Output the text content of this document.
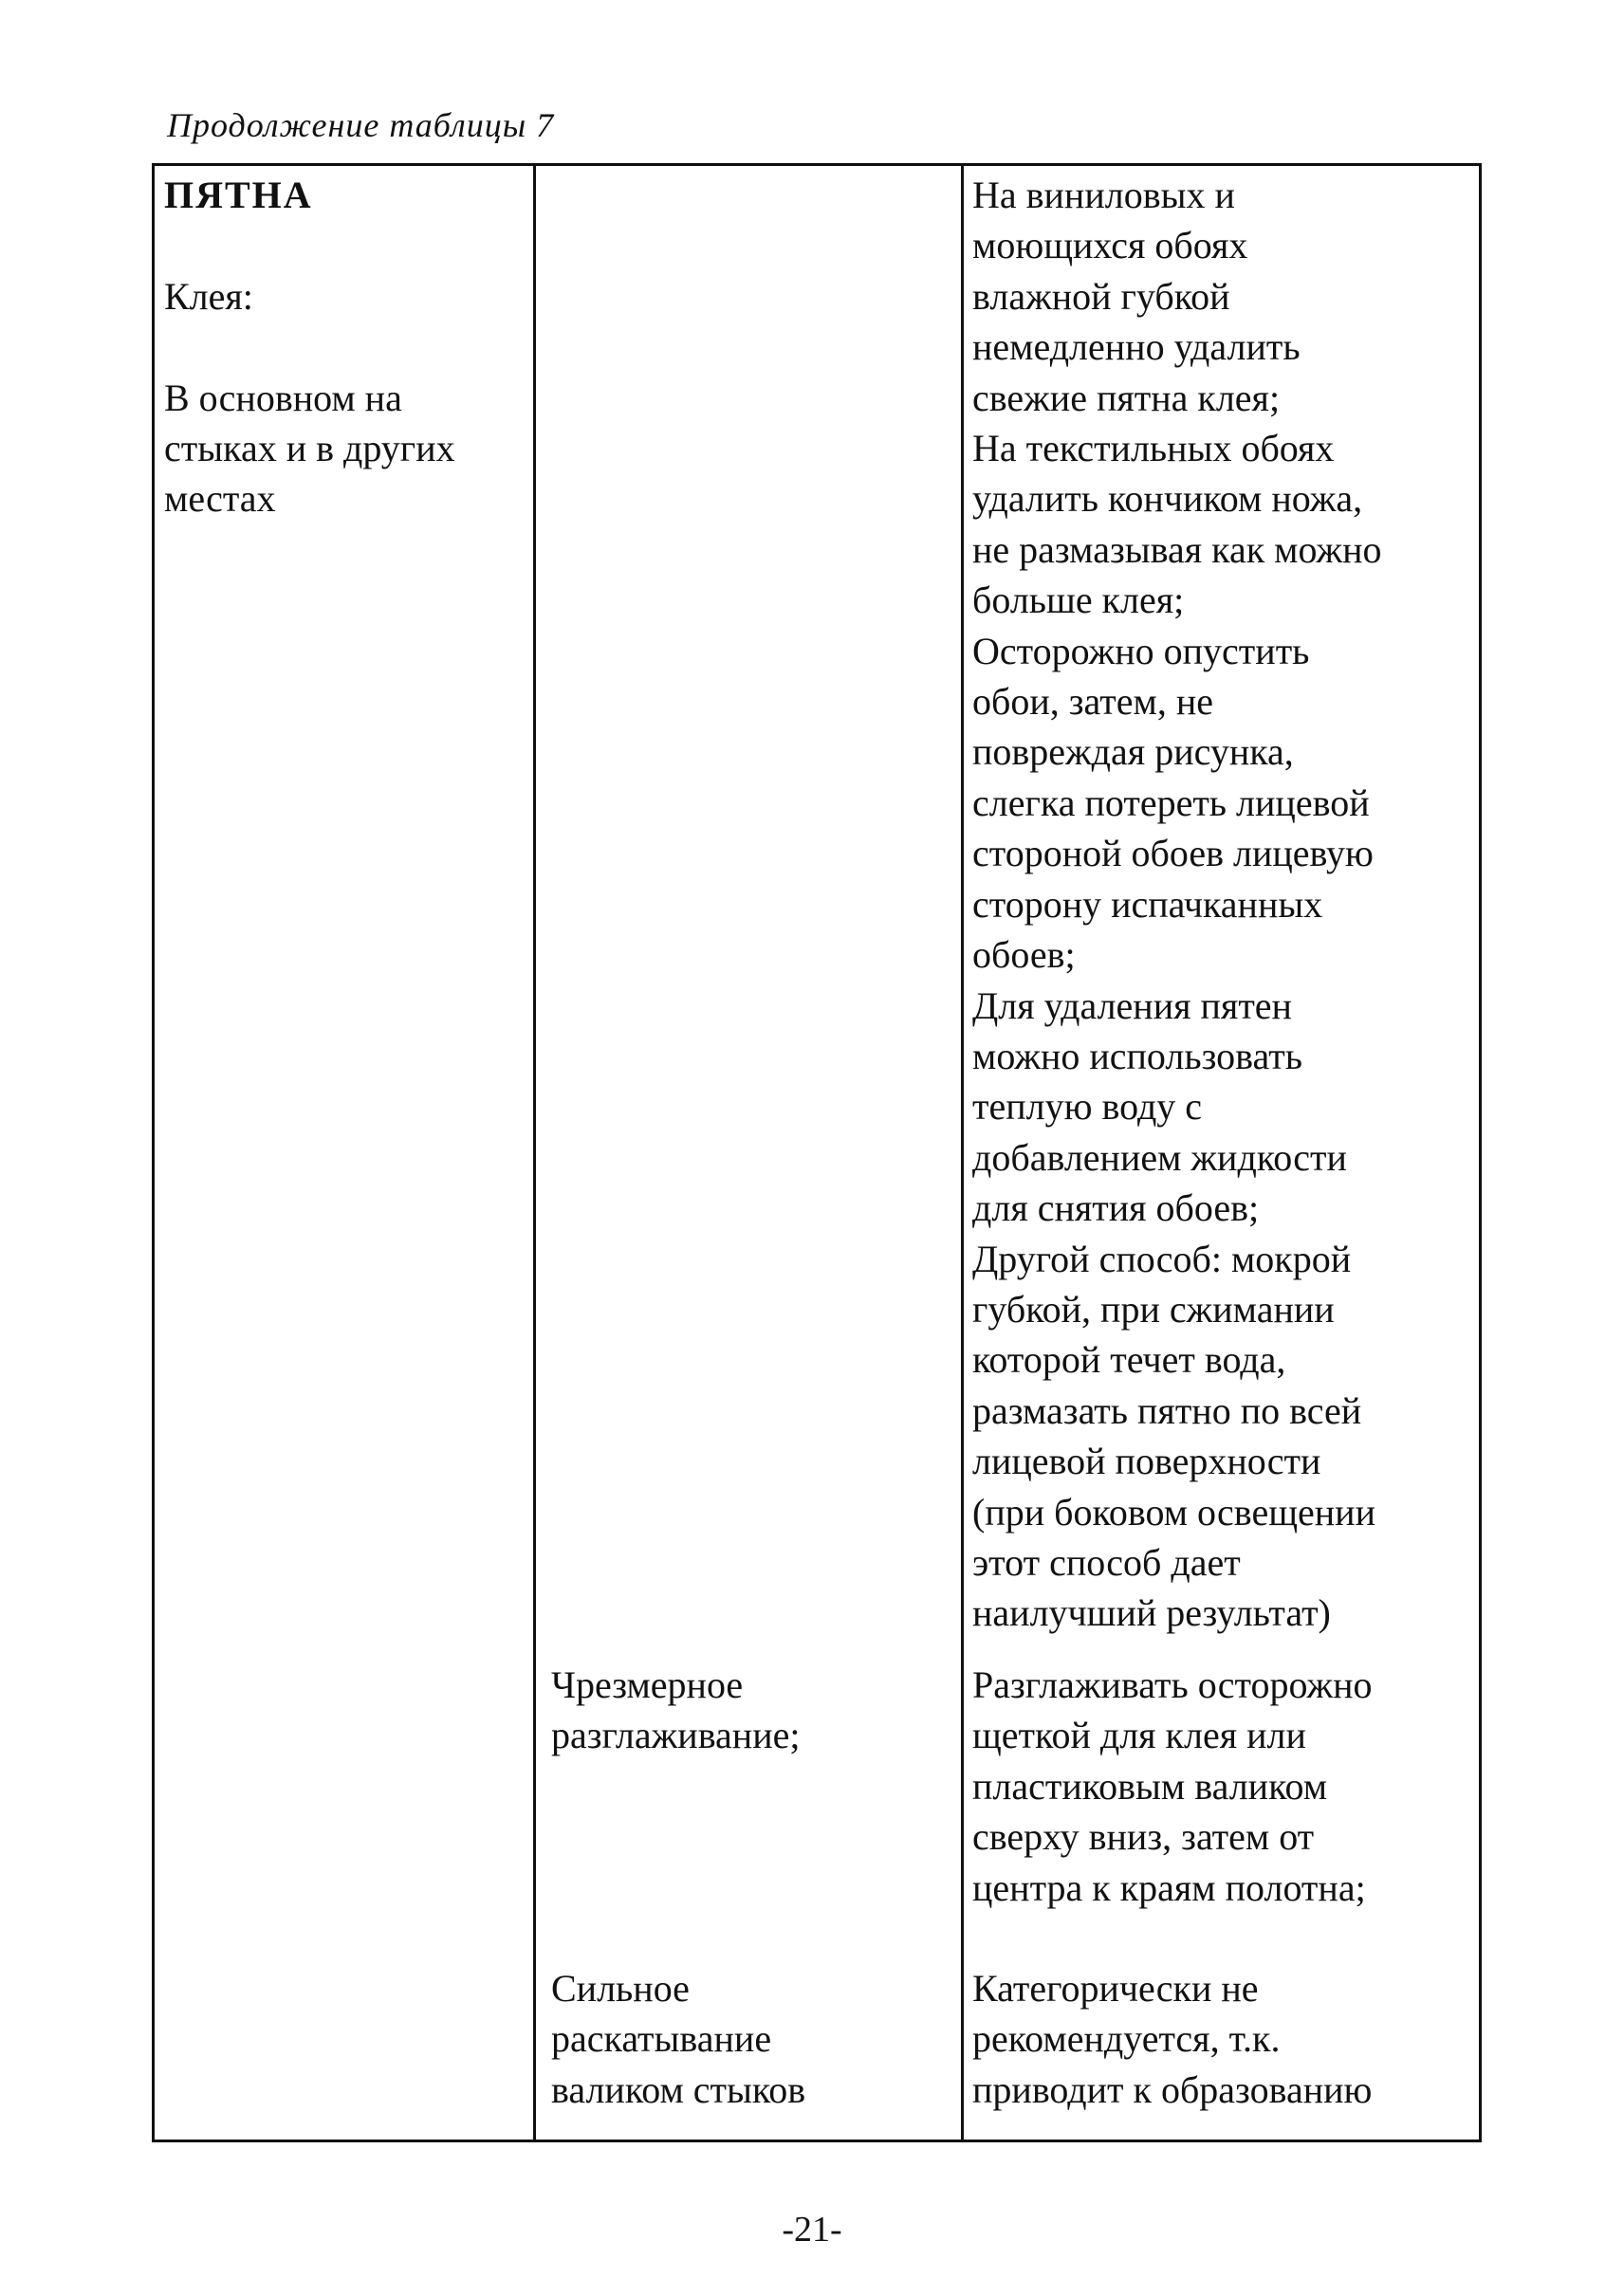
Продолжение таблицы 7

ПЯТНА

Клея:

В основном на

стыках и в других

местах

На виниловых и

моющихся обоях

влажной губкой

немедленно удалить

свежие пятна клея;

На текстильных обоях

удалить кончиком ножа,

не размазывая как можно

больше клея;

Осторожно опустить

обои, затем, не

повреждая рисунка,

слегка потереть лицевой

стороной обоев лицевую

сторону испачканных

обоев;

Для удаления пятен

можно использовать

теплую воду с

добавлением жидкости

для снятия обоев;

Другой способ: мокрой

губкой, при сжимании

которой течет вода,

размазать пятно по всей

лицевой поверхности

(при боковом освещении

этот способ дает

наилучший результат)

Чрезмерное

разглаживание;

Разглаживать осторожно

щеткой для клея или

пластиковым валиком

сверху вниз, затем от

центра к краям полотна;

Сильное

раскатывание

валиком стыков

Категорически не

рекомендуется, т.к.

приводит к образованию

-21-
